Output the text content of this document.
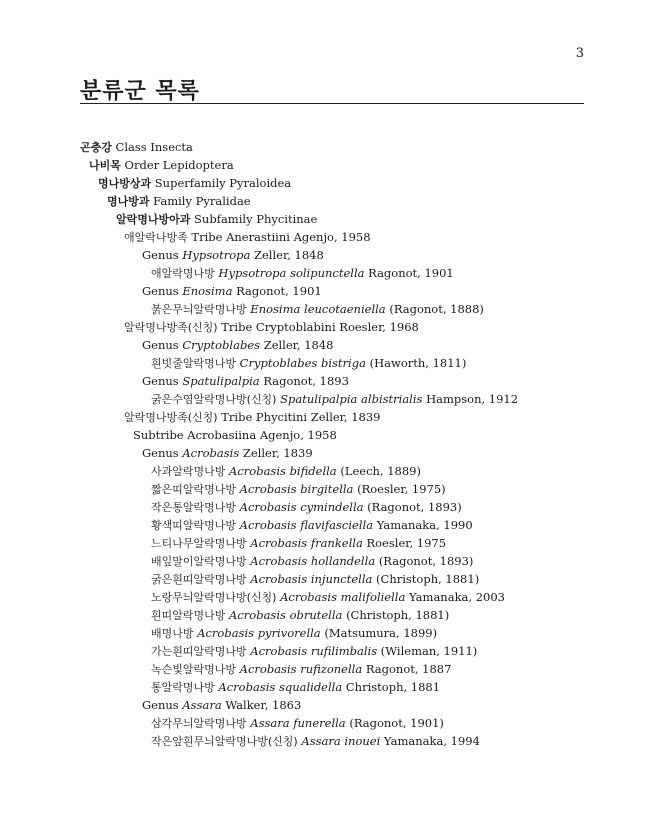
3
분류군 목록
곤충강 Class Insecta
나비목 Order Lepidoptera
명나방상과 Superfamily Pyraloidea
명나방과 Family Pyralidae
알락명나방아과 Subfamily Phycitinae
애알락나방족 Tribe Anerastiini Agenjo, 1958
Genus Hypsotropa Zeller, 1848
애알락명나방 Hypsotropa solipunctella Ragonot, 1901
Genus Enosima Ragonot, 1901
붉은무늬알락명나방 Enosima leucotaeniella (Ragonot, 1888)
알락명나방족(신칭) Tribe Cryptoblabini Roesler, 1968
Genus Cryptoblabes Zeller, 1848
흰빗줄알락명나방 Cryptoblabes bistriga (Haworth, 1811)
Genus Spatulipalpia Ragonot, 1893
굵은수염알락명나방(신칭) Spatulipalpia albistrialis Hampson, 1912
알락명나방족(신칭) Tribe Phycitini Zeller, 1839
Subtribe Acrobasiina Agenjo, 1958
Genus Acrobasis Zeller, 1839
사과알락명나방 Acrobasis bifidella (Leech, 1889)
짧은띠알락명나방 Acrobasis birgitella (Roesler, 1975)
작은통알락명나방 Acrobasis cymindella (Ragonot, 1893)
황색띠알락명나방 Acrobasis flavifasciella Yamanaka, 1990
느티나무알락명나방 Acrobasis frankella Roesler, 1975
배잎말이알락명나방 Acrobasis hollandella (Ragonot, 1893)
굵은흰띠알락명나방 Acrobasis injunctella (Christoph, 1881)
노랑무늬알락명나방(신칭) Acrobasis malifoliella Yamanaka, 2003
흰띠알락명나방 Acrobasis obrutella (Christoph, 1881)
배명나방 Acrobasis pyrivorella (Matsumura, 1899)
가는흰띠알락명나방 Acrobasis rufilimbalis (Wileman, 1911)
녹슨빛알락명나방 Acrobasis rufizonella Ragonot, 1887
통알락명나방 Acrobasis squalidella Christoph, 1881
Genus Assara Walker, 1863
삼각무늬알락명나방 Assara funerella (Ragonot, 1901)
작은앞흰무늬알락명나방(신칭) Assara inouei Yamanaka, 1994
